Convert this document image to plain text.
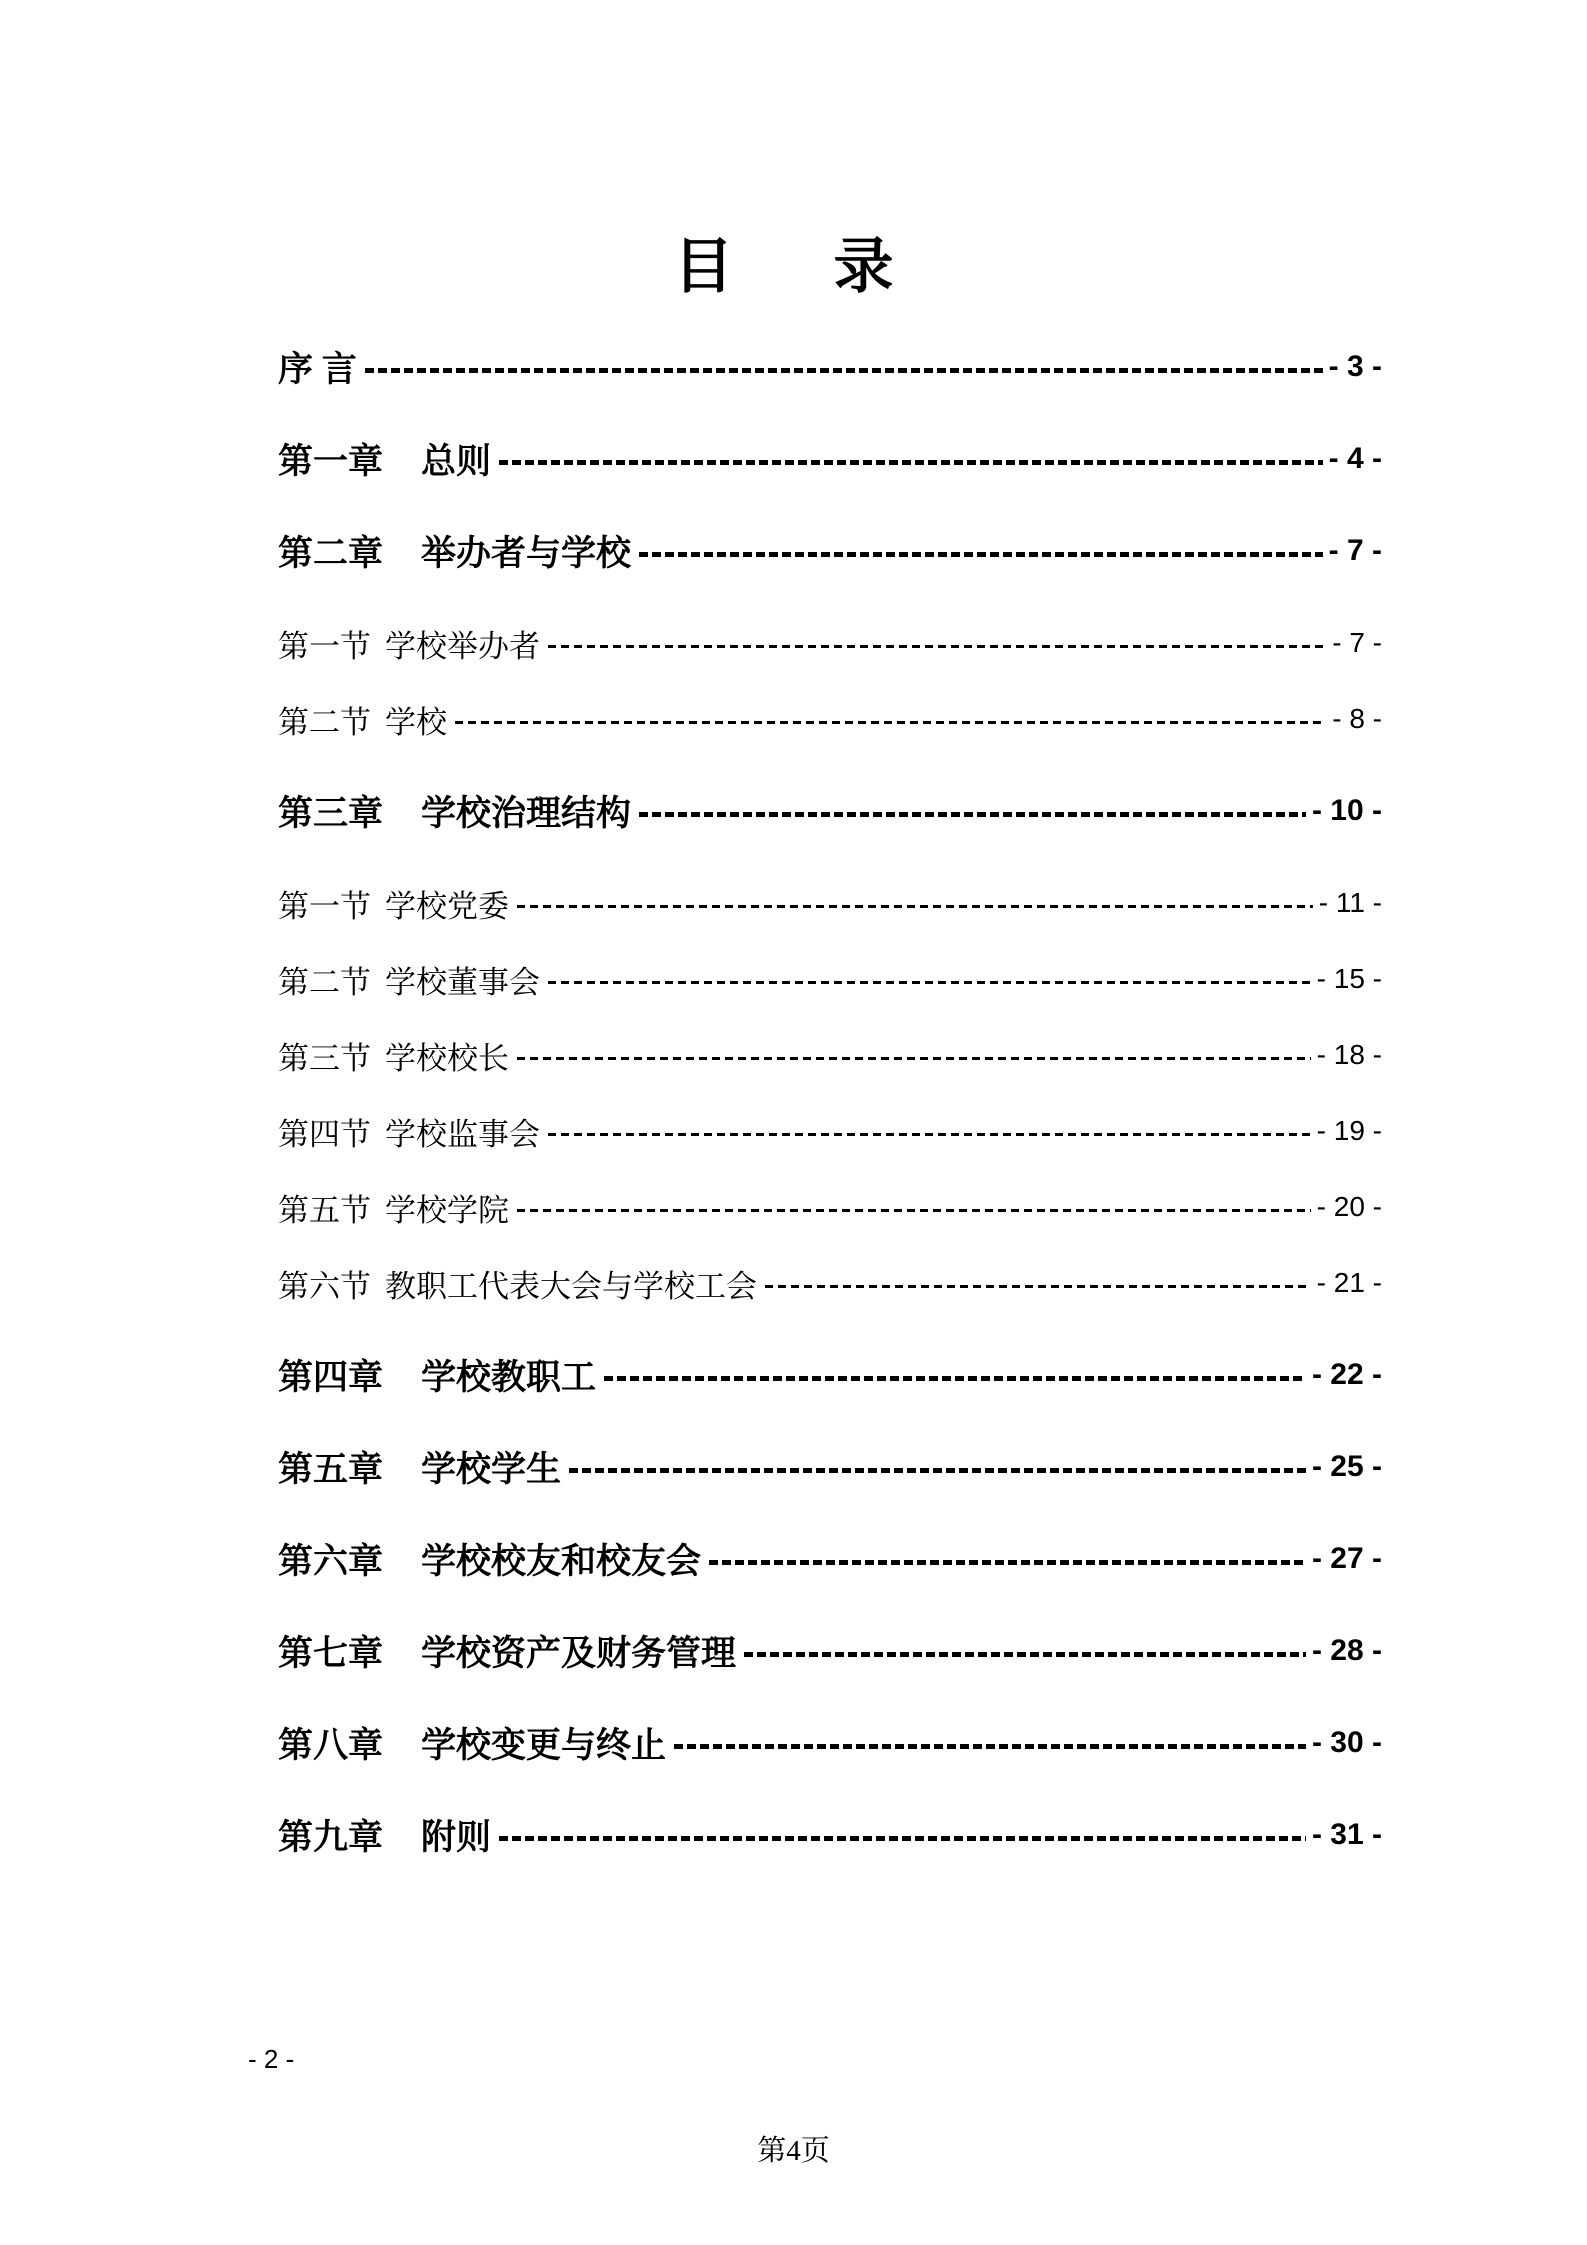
目　录
序 言	- 3 -
第一章 总则	- 4 -
第二章 举办者与学校	- 7 -
第一节 学校举办者	- 7 -
第二节 学校	- 8 -
第三章 学校治理结构	- 10 -
第一节 学校党委	- 11 -
第二节 学校董事会	- 15 -
第三节 学校校长	- 18 -
第四节 学校监事会	- 19 -
第五节 学校学院	- 20 -
第六节 教职工代表大会与学校工会	- 21 -
第四章 学校教职工	- 22 -
第五章 学校学生	- 25 -
第六章 学校校友和校友会	- 27 -
第七章 学校资产及财务管理	- 28 -
第八章 学校变更与终止	- 30 -
第九章 附则	- 31 -
- 2 -
第4页
